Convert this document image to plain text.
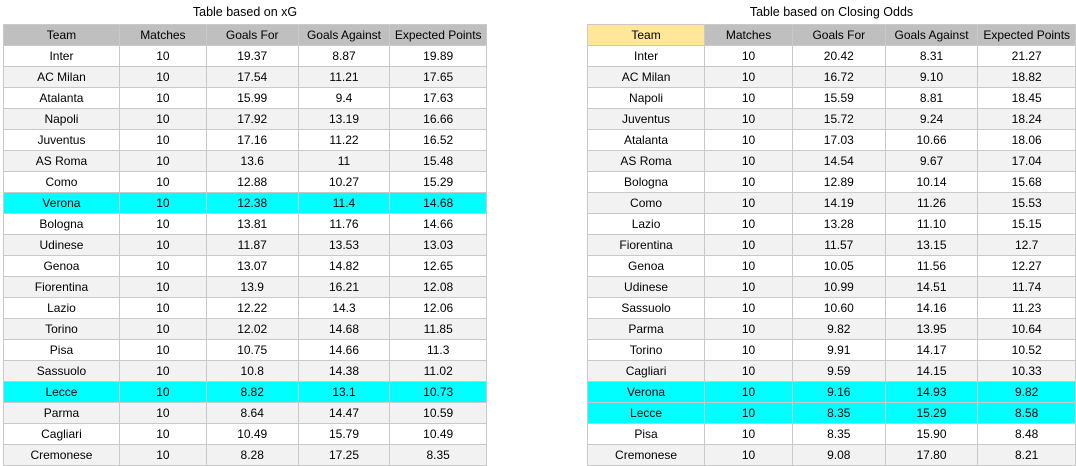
Table based on xG
Team	Matches	Goals For	Goals Against	Expected Points
Inter	10	19.37	8.87	19.89
AC Milan	10	17.54	11.21	17.65
Atalanta	10	15.99	9.4	17.63
Napoli	10	17.92	13.19	16.66
Juventus	10	17.16	11.22	16.52
AS Roma	10	13.6	11	15.48
Como	10	12.88	10.27	15.29
Verona	10	12.38	11.4	14.68
Bologna	10	13.81	11.76	14.66
Udinese	10	11.87	13.53	13.03
Genoa	10	13.07	14.82	12.65
Fiorentina	10	13.9	16.21	12.08
Lazio	10	12.22	14.3	12.06
Torino	10	12.02	14.68	11.85
Pisa	10	10.75	14.66	11.3
Sassuolo	10	10.8	14.38	11.02
Lecce	10	8.82	13.1	10.73
Parma	10	8.64	14.47	10.59
Cagliari	10	10.49	15.79	10.49
Cremonese	10	8.28	17.25	8.35
Table based on Closing Odds
Team	Matches	Goals For	Goals Against	Expected Points
Inter	10	20.42	8.31	21.27
AC Milan	10	16.72	9.10	18.82
Napoli	10	15.59	8.81	18.45
Juventus	10	15.72	9.24	18.24
Atalanta	10	17.03	10.66	18.06
AS Roma	10	14.54	9.67	17.04
Bologna	10	12.89	10.14	15.68
Como	10	14.19	11.26	15.53
Lazio	10	13.28	11.10	15.15
Fiorentina	10	11.57	13.15	12.7
Genoa	10	10.05	11.56	12.27
Udinese	10	10.99	14.51	11.74
Sassuolo	10	10.60	14.16	11.23
Parma	10	9.82	13.95	10.64
Torino	10	9.91	14.17	10.52
Cagliari	10	9.59	14.15	10.33
Verona	10	9.16	14.93	9.82
Lecce	10	8.35	15.29	8.58
Pisa	10	8.35	15.90	8.48
Cremonese	10	9.08	17.80	8.21
